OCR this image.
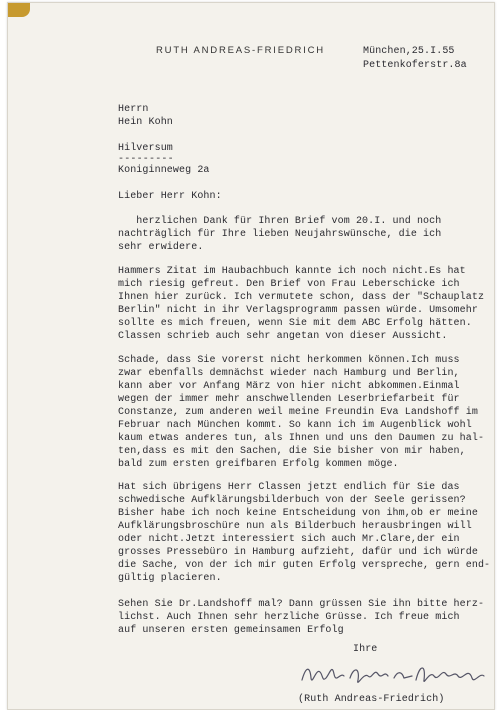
RUTH ANDREAS-FRIEDRICH	München,25.I.55
Pettenkoferstr.8a
Herrn
Hein Kohn
Hilversum
---------
Koniginneweg 2a
Lieber Herr Kohn:
herzlichen Dank für Ihren Brief vom 20.I. und noch
nachträglich für Ihre lieben Neujahrswünsche, die ich
sehr erwidere.
Hammers Zitat im Haubachbuch kannte ich noch nicht.Es hat
mich riesig gefreut. Den Brief von Frau Leberschicke ich
Ihnen hier zurück. Ich vermutete schon, dass der "Schauplatz
Berlin" nicht in ihr Verlagsprogramm passen würde. Umsomehr
sollte es mich freuen, wenn Sie mit dem ABC Erfolg hätten.
Classen schrieb auch sehr angetan von dieser Aussicht.
Schade, dass Sie vorerst nicht herkommen können.Ich muss
zwar ebenfalls demnächst wieder nach Hamburg und Berlin,
kann aber vor Anfang März von hier nicht abkommen.Einmal
wegen der immer mehr anschwellenden Leserbriefarbeit für
Constanze, zum anderen weil meine Freundin Eva Landshoff im
Februar nach München kommt. So kann ich im Augenblick wohl
kaum etwas anderes tun, als Ihnen und uns den Daumen zu hal-
ten,dass es mit den Sachen, die Sie bisher von mir haben,
bald zum ersten greifbaren Erfolg kommen möge.
Hat sich übrigens Herr Classen jetzt endlich für Sie das
schwedische Aufklärungsbilderbuch von der Seele gerissen?
Bisher habe ich noch keine Entscheidung von ihm,ob er meine
Aufklärungsbroschüre nun als Bilderbuch herausbringen will
oder nicht.Jetzt interessiert sich auch Mr.Clare,der ein
grosses Pressebüro in Hamburg aufzieht, dafür und ich würde
die Sache, von der ich mir guten Erfolg verspreche, gern end-
gültig placieren.
Sehen Sie Dr.Landshoff mal? Dann grüssen Sie ihn bitte herz-
lichst. Auch Ihnen sehr herzliche Grüsse. Ich freue mich
auf unseren ersten gemeinsamen Erfolg
Ihre
(Ruth Andreas-Friedrich)
